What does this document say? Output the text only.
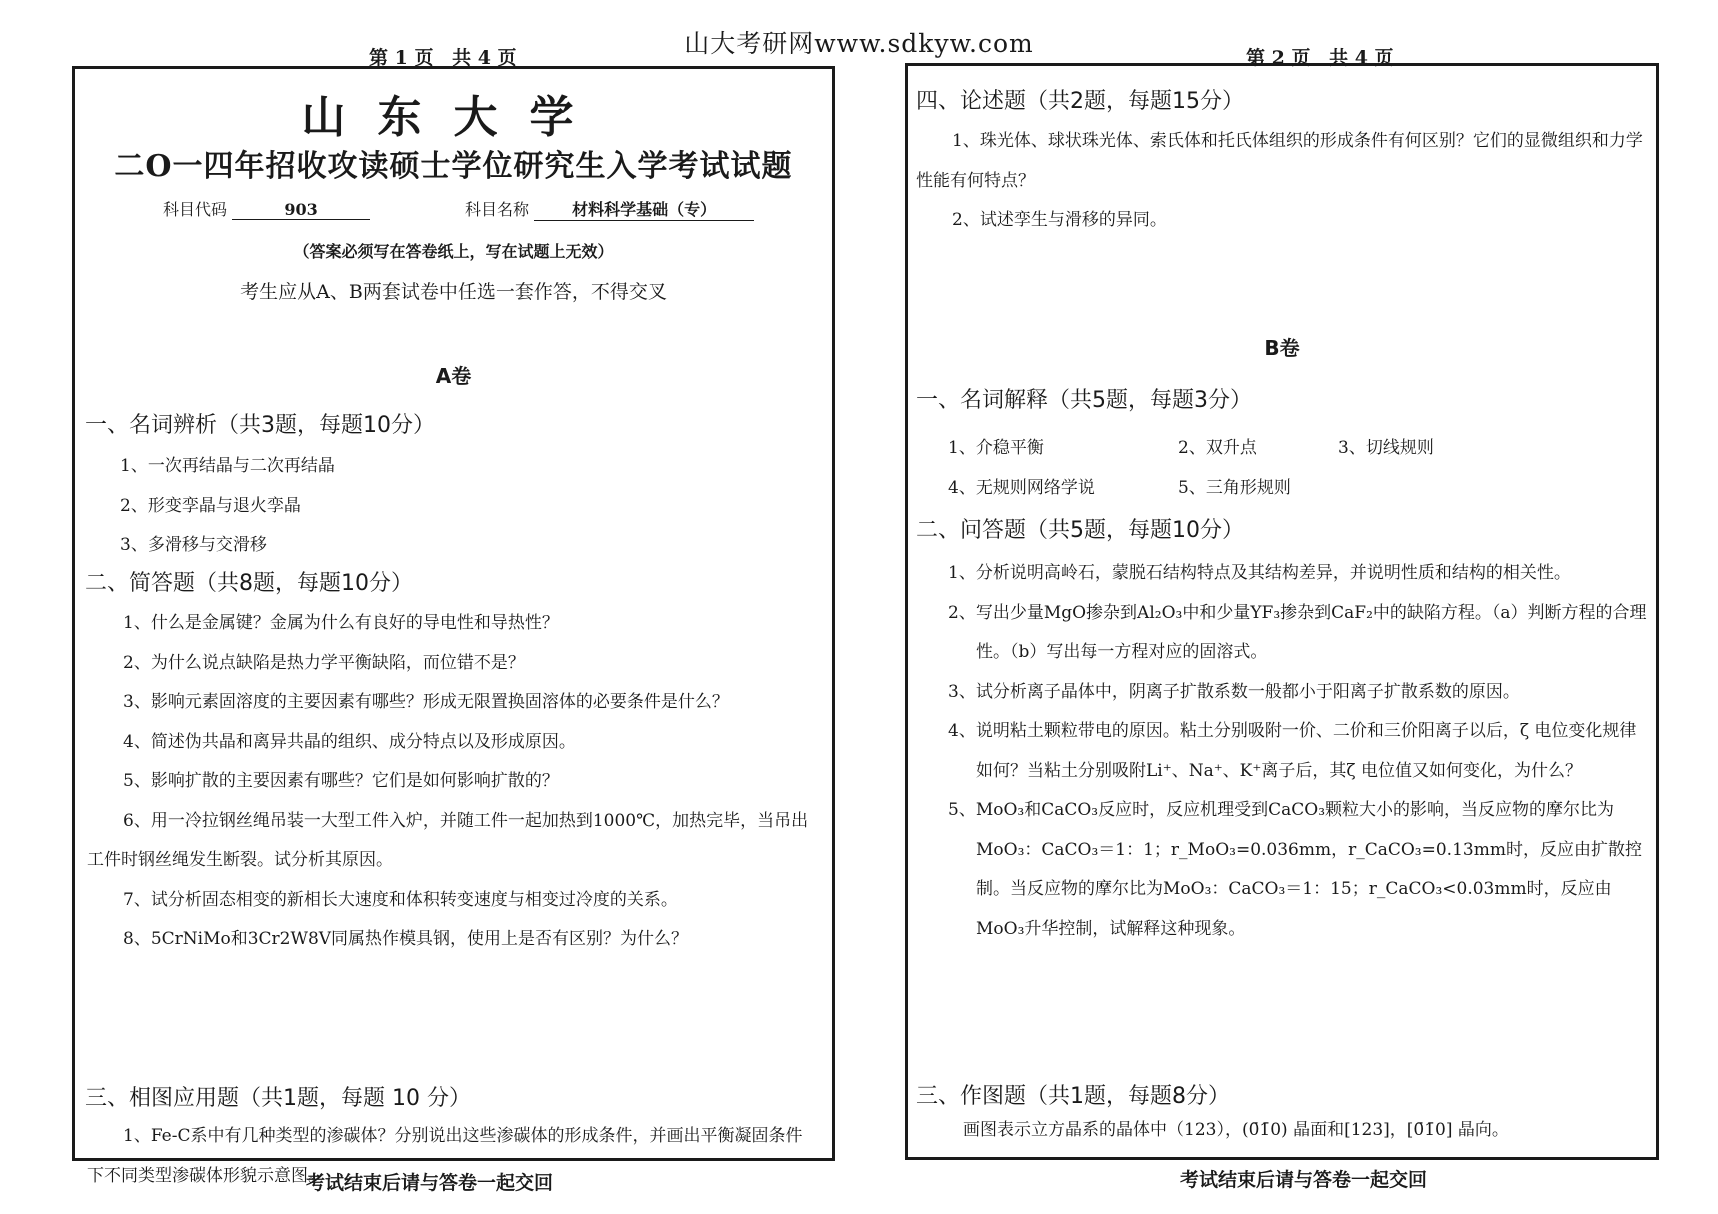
山大考研网www.sdkyw.com
第 1 页 共 4 页	第 2 页 共 4 页
山东大学
二O一四年招收攻读硕士学位研究生入学考试试题
科目代码	903	科目名称	材料科学基础（专）
（答案必须写在答卷纸上，写在试题上无效）
考生应从A、B两套试卷中任选一套作答，不得交叉
A卷
一、名词辨析（共3题，每题10分）

1、一次再结晶与二次再结晶

2、形变孪晶与退火孪晶

3、多滑移与交滑移

二、简答题（共8题，每题10分）

1、什么是金属键？金属为什么有良好的导电性和导热性？

2、为什么说点缺陷是热力学平衡缺陷，而位错不是？

3、影响元素固溶度的主要因素有哪些？形成无限置换固溶体的必要条件是什么？

4、简述伪共晶和离异共晶的组织、成分特点以及形成原因。

5、影响扩散的主要因素有哪些？它们是如何影响扩散的？

6、用一冷拉钢丝绳吊装一大型工件入炉，并随工件一起加热到1000℃，加热完毕，当吊出工件时钢丝绳发生断裂。试分析其原因。

7、试分析固态相变的新相长大速度和体积转变速度与相变过冷度的关系。

8、5CrNiMo和3Cr2W8V同属热作模具钢，使用上是否有区别？为什么？

三、相图应用题（共1题，每题 10 分）

1、Fe-C系中有几种类型的渗碳体？分别说出这些渗碳体的形成条件，并画出平衡凝固条件下不同类型渗碳体形貌示意图。

考试结束后请与答卷一起交回
四、论述题（共2题，每题15分）

1、珠光体、球状珠光体、索氏体和托氏体组织的形成条件有何区别？它们的显微组织和力学性能有何特点？

2、试述孪生与滑移的异同。

B卷
一、名词解释（共5题，每题3分）
1、介稳平衡	2、双升点	3、切线规则
4、无规则网络学说	5、三角形规则
二、问答题（共5题，每题10分）

1、分析说明高岭石，蒙脱石结构特点及其结构差异，并说明性质和结构的相关性。

2、写出少量MgO掺杂到Al₂O₃中和少量YF₃掺杂到CaF₂中的缺陷方程。（a）判断方程的合理性。（b）写出每一方程对应的固溶式。

3、试分析离子晶体中，阴离子扩散系数一般都小于阳离子扩散系数的原因。

4、说明粘土颗粒带电的原因。粘土分别吸附一价、二价和三价阳离子以后，ζ 电位变化规律如何？当粘土分别吸附Li⁺、Na⁺、K⁺离子后，其ζ 电位值又如何变化，为什么？

5、MoO₃和CaCO₃反应时，反应机理受到CaCO₃颗粒大小的影响，当反应物的摩尔比为MoO₃：CaCO₃＝1：1；r_MoO₃=0.036mm，r_CaCO₃=0.13mm时，反应由扩散控制。当反应物的摩尔比为MoO₃：CaCO₃＝1：15；r_CaCO₃<0.03mm时，反应由MoO₃升华控制，试解释这种现象。

三、作图题（共1题，每题8分）

画图表示立方晶系的晶体中（123），(0̄1̄0) 晶面和[123]，[0̄1̄0] 晶向。

考试结束后请与答卷一起交回
